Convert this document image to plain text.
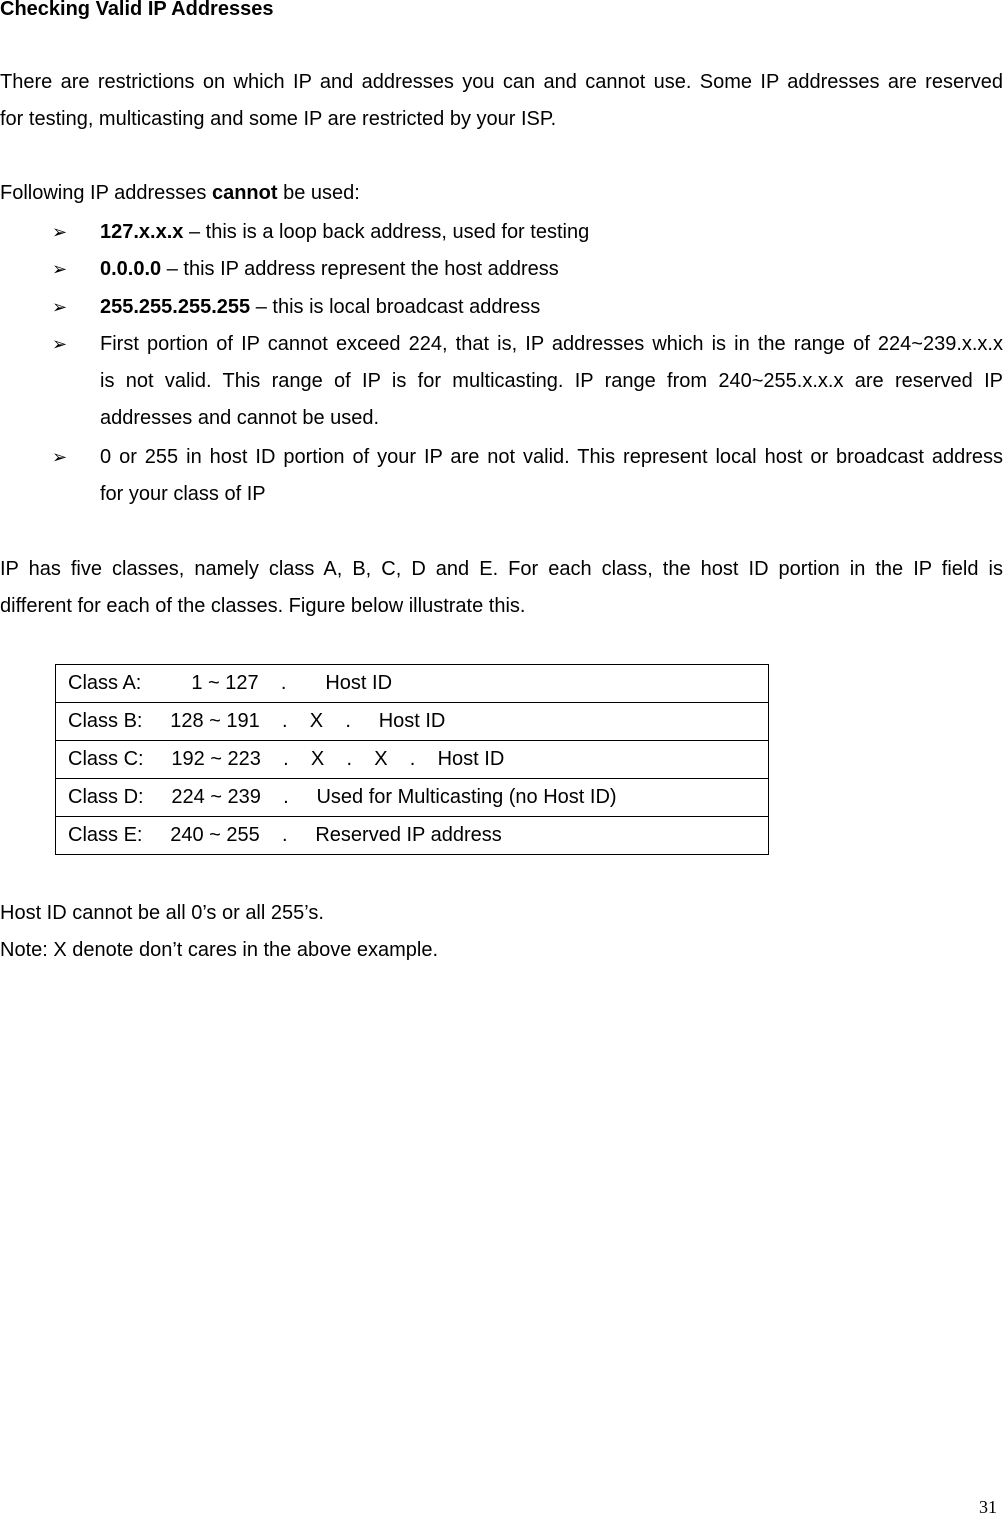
Checking Valid IP Addresses
There are restrictions on which IP and addresses you can and cannot use. Some IP addresses are reserved
for testing, multicasting and some IP are restricted by your ISP.
Following IP addresses cannot be used:
➢ 127.x.x.x – this is a loop back address, used for testing
➢ 0.0.0.0 – this IP address represent the host address
➢ 255.255.255.255 – this is local broadcast address
➢ First portion of IP cannot exceed 224, that is, IP addresses which is in the range of 224~239.x.x.x
is not valid. This range of IP is for multicasting. IP range from 240~255.x.x.x are reserved IP
addresses and cannot be used.
➢ 0 or 255 in host ID portion of your IP are not valid. This represent local host or broadcast address
for your class of IP
IP has five classes, namely class A, B, C, D and E. For each class, the host ID portion in the IP field is
different for each of the classes. Figure below illustrate this.
Class A:         1 ~ 127    .       Host ID
Class B:     128 ~ 191    .    X    .     Host ID
Class C:     192 ~ 223    .    X    .    X    .    Host ID
Class D:     224 ~ 239    .     Used for Multicasting (no Host ID)
Class E:     240 ~ 255    .     Reserved IP address
Host ID cannot be all 0’s or all 255’s.
Note: X denote don’t cares in the above example.
31
